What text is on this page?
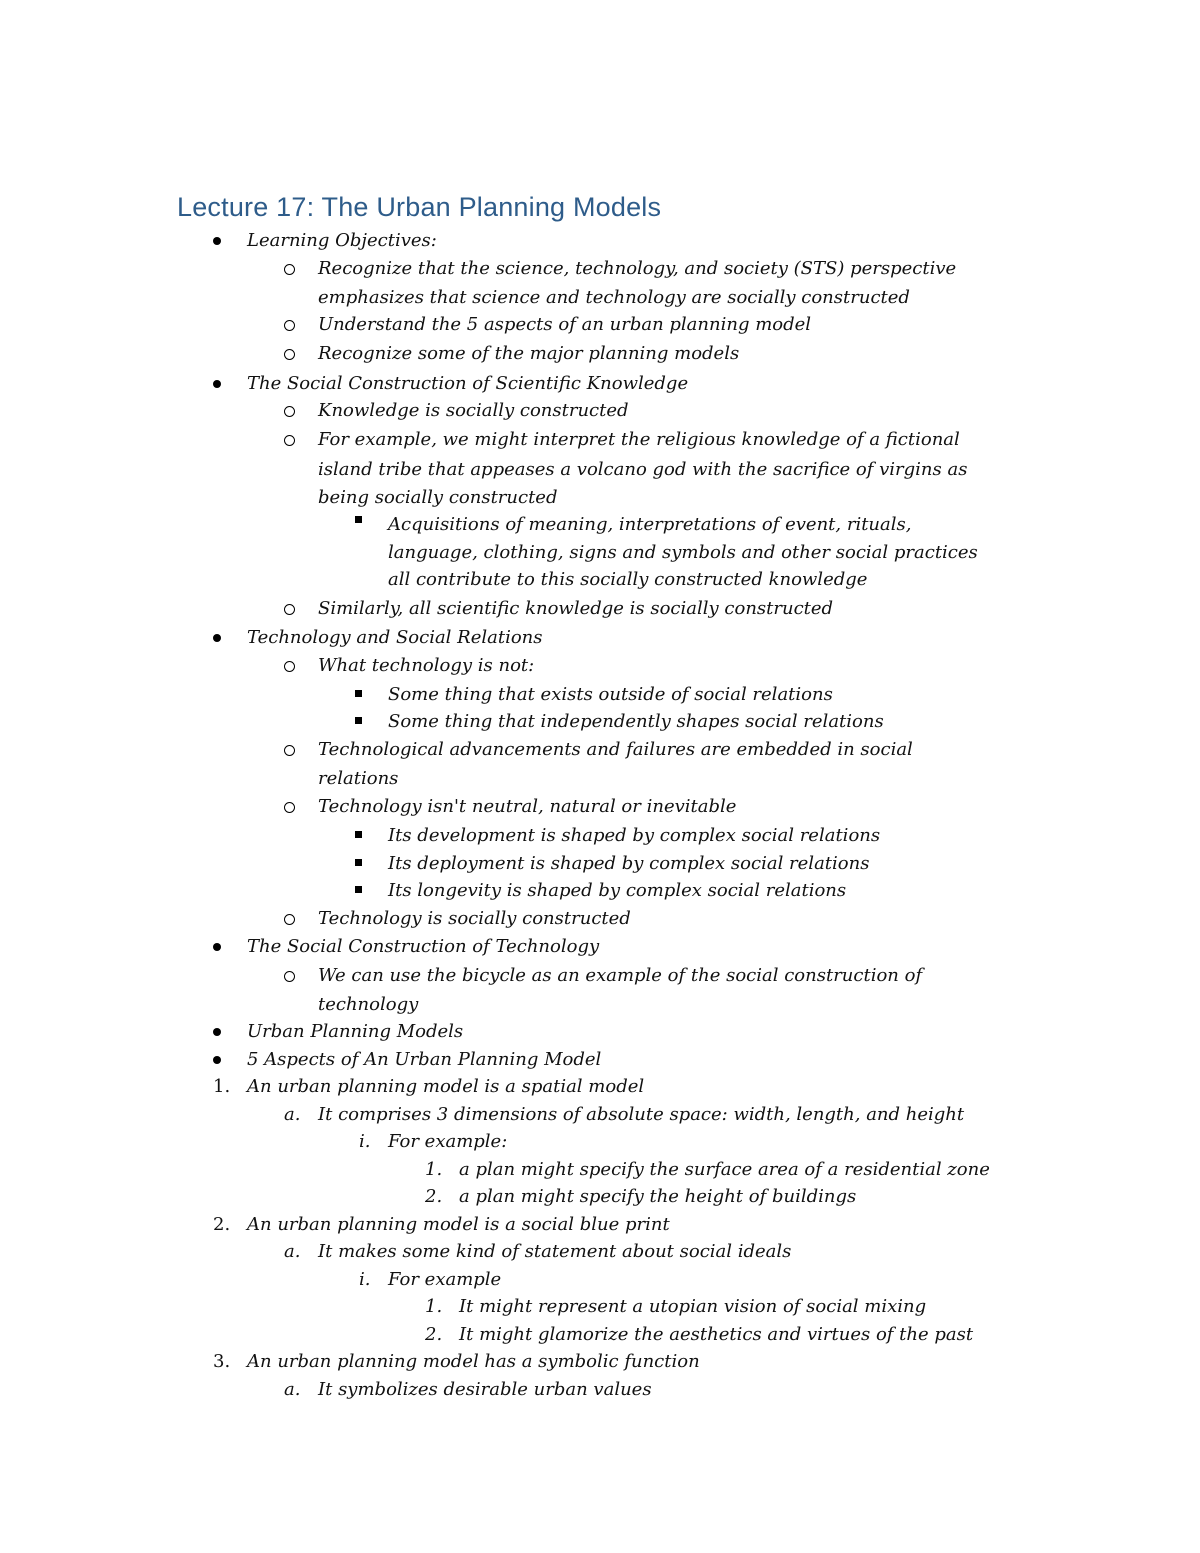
Lecture 17: The Urban Planning Models
Learning Objectives:
Recognize that the science, technology, and society (STS) perspective
emphasizes that science and technology are socially constructed
Understand the 5 aspects of an urban planning model
Recognize some of the major planning models
The Social Construction of Scientific Knowledge
Knowledge is socially constructed
For example, we might interpret the religious knowledge of a fictional
island tribe that appeases a volcano god with the sacrifice of virgins as
being socially constructed
Acquisitions of meaning, interpretations of event, rituals,
language, clothing, signs and symbols and other social practices
all contribute to this socially constructed knowledge
Similarly, all scientific knowledge is socially constructed
Technology and Social Relations
What technology is not:
Some thing that exists outside of social relations
Some thing that independently shapes social relations
Technological advancements and failures are embedded in social
relations
Technology isn't neutral, natural or inevitable
Its development is shaped by complex social relations
Its deployment is shaped by complex social relations
Its longevity is shaped by complex social relations
Technology is socially constructed
The Social Construction of Technology
We can use the bicycle as an example of the social construction of
technology
Urban Planning Models
5 Aspects of An Urban Planning Model
1. An urban planning model is a spatial model
a. It comprises 3 dimensions of absolute space: width, length, and height
i. For example:
1. a plan might specify the surface area of a residential zone
2. a plan might specify the height of buildings
2. An urban planning model is a social blue print
a. It makes some kind of statement about social ideals
i. For example
1. It might represent a utopian vision of social mixing
2. It might glamorize the aesthetics and virtues of the past
3. An urban planning model has a symbolic function
a. It symbolizes desirable urban values
